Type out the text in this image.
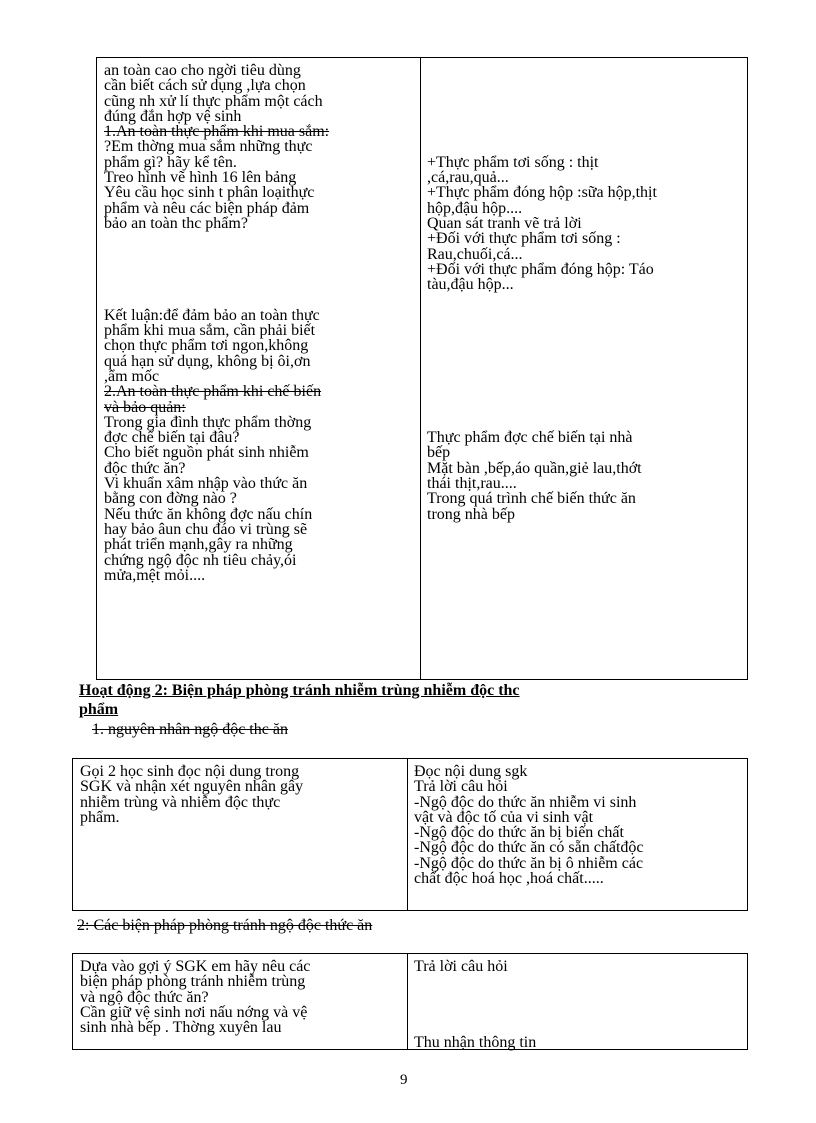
an toàn cao cho ngời tiêu dùng
cần biết cách sử dụng ,lựa chọn
cũng nh xử lí thực phẩm một cách
đúng đắn hợp vệ sinh
1.An toàn thực phẩm khi mua sắm:
?Em thờng mua sắm những thực
phẩm gì? hãy kể tên.
Treo hình vẽ hình 16 lên bảng
Yêu cầu học sinh t phân loạithực
phẩm và nêu các biện pháp đảm
bảo an toàn thc phẩm?
Kết luận:để đảm bảo an toàn thực
phẩm khi mua sắm, cần phải biết
chọn thực phẩm tơi ngon,không
quá hạn sử dụng, không bị ôi,ơn
,ẩm mốc
2.An toàn thực phẩm khi chế biến
và bảo quản:
Trong gia đình thực phẩm thờng
đợc chế biến tại đâu?
Cho biết nguồn phát sinh nhiễm
độc thức ăn?
Vi khuẩn xâm nhập vào thức ăn
bằng con đờng nào ?
Nếu thức ăn không đợc nấu chín
hay bảo âun chu đáo vi trùng sẽ
phát triển mạnh,gây ra những
chứng ngộ độc nh tiêu chảy,ói
mửa,mệt mỏi....
+Thực phẩm tơi sống : thịt
,cá,rau,quả...
+Thực phẩm đóng hộp :sữa hộp,thịt
hộp,đậu hộp....
Quan sát tranh vẽ trả lời
+Đối với thực phẩm tơi sống :
Rau,chuối,cá...
+Đối với thực phẩm đóng hộp: Táo
tàu,đậu hộp...
Thực phẩm đợc chế biến tại nhà
bếp
Mặt bàn ,bếp,áo quần,giẻ lau,thớt
thái thịt,rau....
Trong quá trình chế biến thức ăn
trong nhà bếp
Hoạt động 2: Biện pháp phòng tránh nhiễm trùng nhiễm độc thc
phẩm
1. nguyên nhân ngộ độc thc ăn
Gọi 2 học sinh đọc nội dung trong
SGK và nhận xét nguyên nhân gây
nhiễm trùng và nhiễm độc thực
phẩm.
Đọc nội dung sgk
Trả lời câu hỏi
-Ngộ độc do thức ăn nhiễm vi sinh
vật và độc tố của vi sinh vật
-Ngộ độc do thức ăn bị biến chất
-Ngộ độc do thức ăn có sẵn chấtđộc
-Ngộ độc do thức ăn bị ô nhiễm các
chất độc hoá học ,hoá chất.....
2: Các biện pháp phòng tránh ngộ độc thức ăn
Dựa vào gợi ý SGK em hãy nêu các
biện pháp phòng tránh nhiễm trùng
và ngộ độc thức ăn?
Cần giữ vệ sinh nơi nấu nớng và vệ
sinh nhà bếp . Thờng xuyên lau
Trả lời câu hỏi
Thu nhận thông tin
9
